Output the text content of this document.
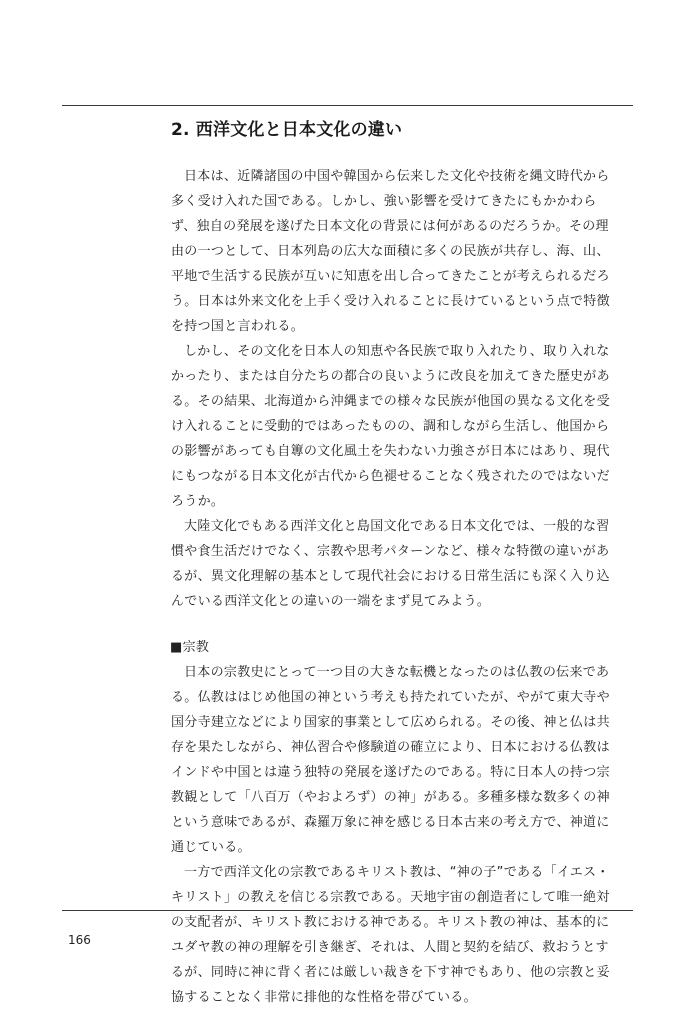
2. 西洋文化と日本文化の違い

日本は、近隣諸国の中国や韓国から伝来した文化や技術を縄文時代から多く受け入れた国である。しかし、強い影響を受けてきたにもかかわらず、独自の発展を遂げた日本文化の背景には何があるのだろうか。その理由の一つとして、日本列島の広大な面積に多くの民族が共存し、海、山、平地で生活する民族が互いに知恵を出し合ってきたことが考えられるだろう。日本は外来文化を上手く受け入れることに長けているという点で特徴を持つ国と言われる。

しかし、その文化を日本人の知恵や各民族で取り入れたり、取り入れなかったり、または自分たちの都合の良いように改良を加えてきた歴史がある。その結果、北海道から沖縄までの様々な民族が他国の異なる文化を受け入れることに受動的ではあったものの、調和しながら生活し、他国からの影響があっても自篿の文化風土を失わない力強さが日本にはあり、現代にもつながる日本文化が古代から色褪せることなく残されたのではないだろうか。

大陸文化でもある西洋文化と島国文化である日本文化では、一般的な習慣や食生活だけでなく、宗教や思考パターンなど、様々な特徴の違いがあるが、異文化理解の基本として現代社会における日常生活にも深く入り込んでいる西洋文化との違いの一端をまず見てみよう。

■宗教

日本の宗教史にとって一つ目の大きな転機となったのは仏教の伝来である。仏教ははじめ他国の神という考えも持たれていたが、やがて東大寺や国分寺建立などにより国家的事業として広められる。その後、神と仏は共存を果たしながら、神仏習合や修験道の確立により、日本における仏教はインドや中国とは違う独特の発展を遂げたのである。特に日本人の持つ宗教観として「八百万（やおよろず）の神」がある。多種多様な数多くの神という意味であるが、森羅万象に神を感じる日本古来の考え方で、神道に通じている。

一方で西洋文化の宗教であるキリスト教は、“神の子”である「イエス・キリスト」の教えを信じる宗教である。天地宇宙の創造者にして唯一絶対の支配者が、キリスト教における神である。キリスト教の神は、基本的にユダヤ教の神の理解を引き継ぎ、それは、人間と契約を結び、救おうとするが、同時に神に背く者には厳しい裁きを下す神でもあり、他の宗教と妥協することなく非常に排他的な性格を帯びている。

166
